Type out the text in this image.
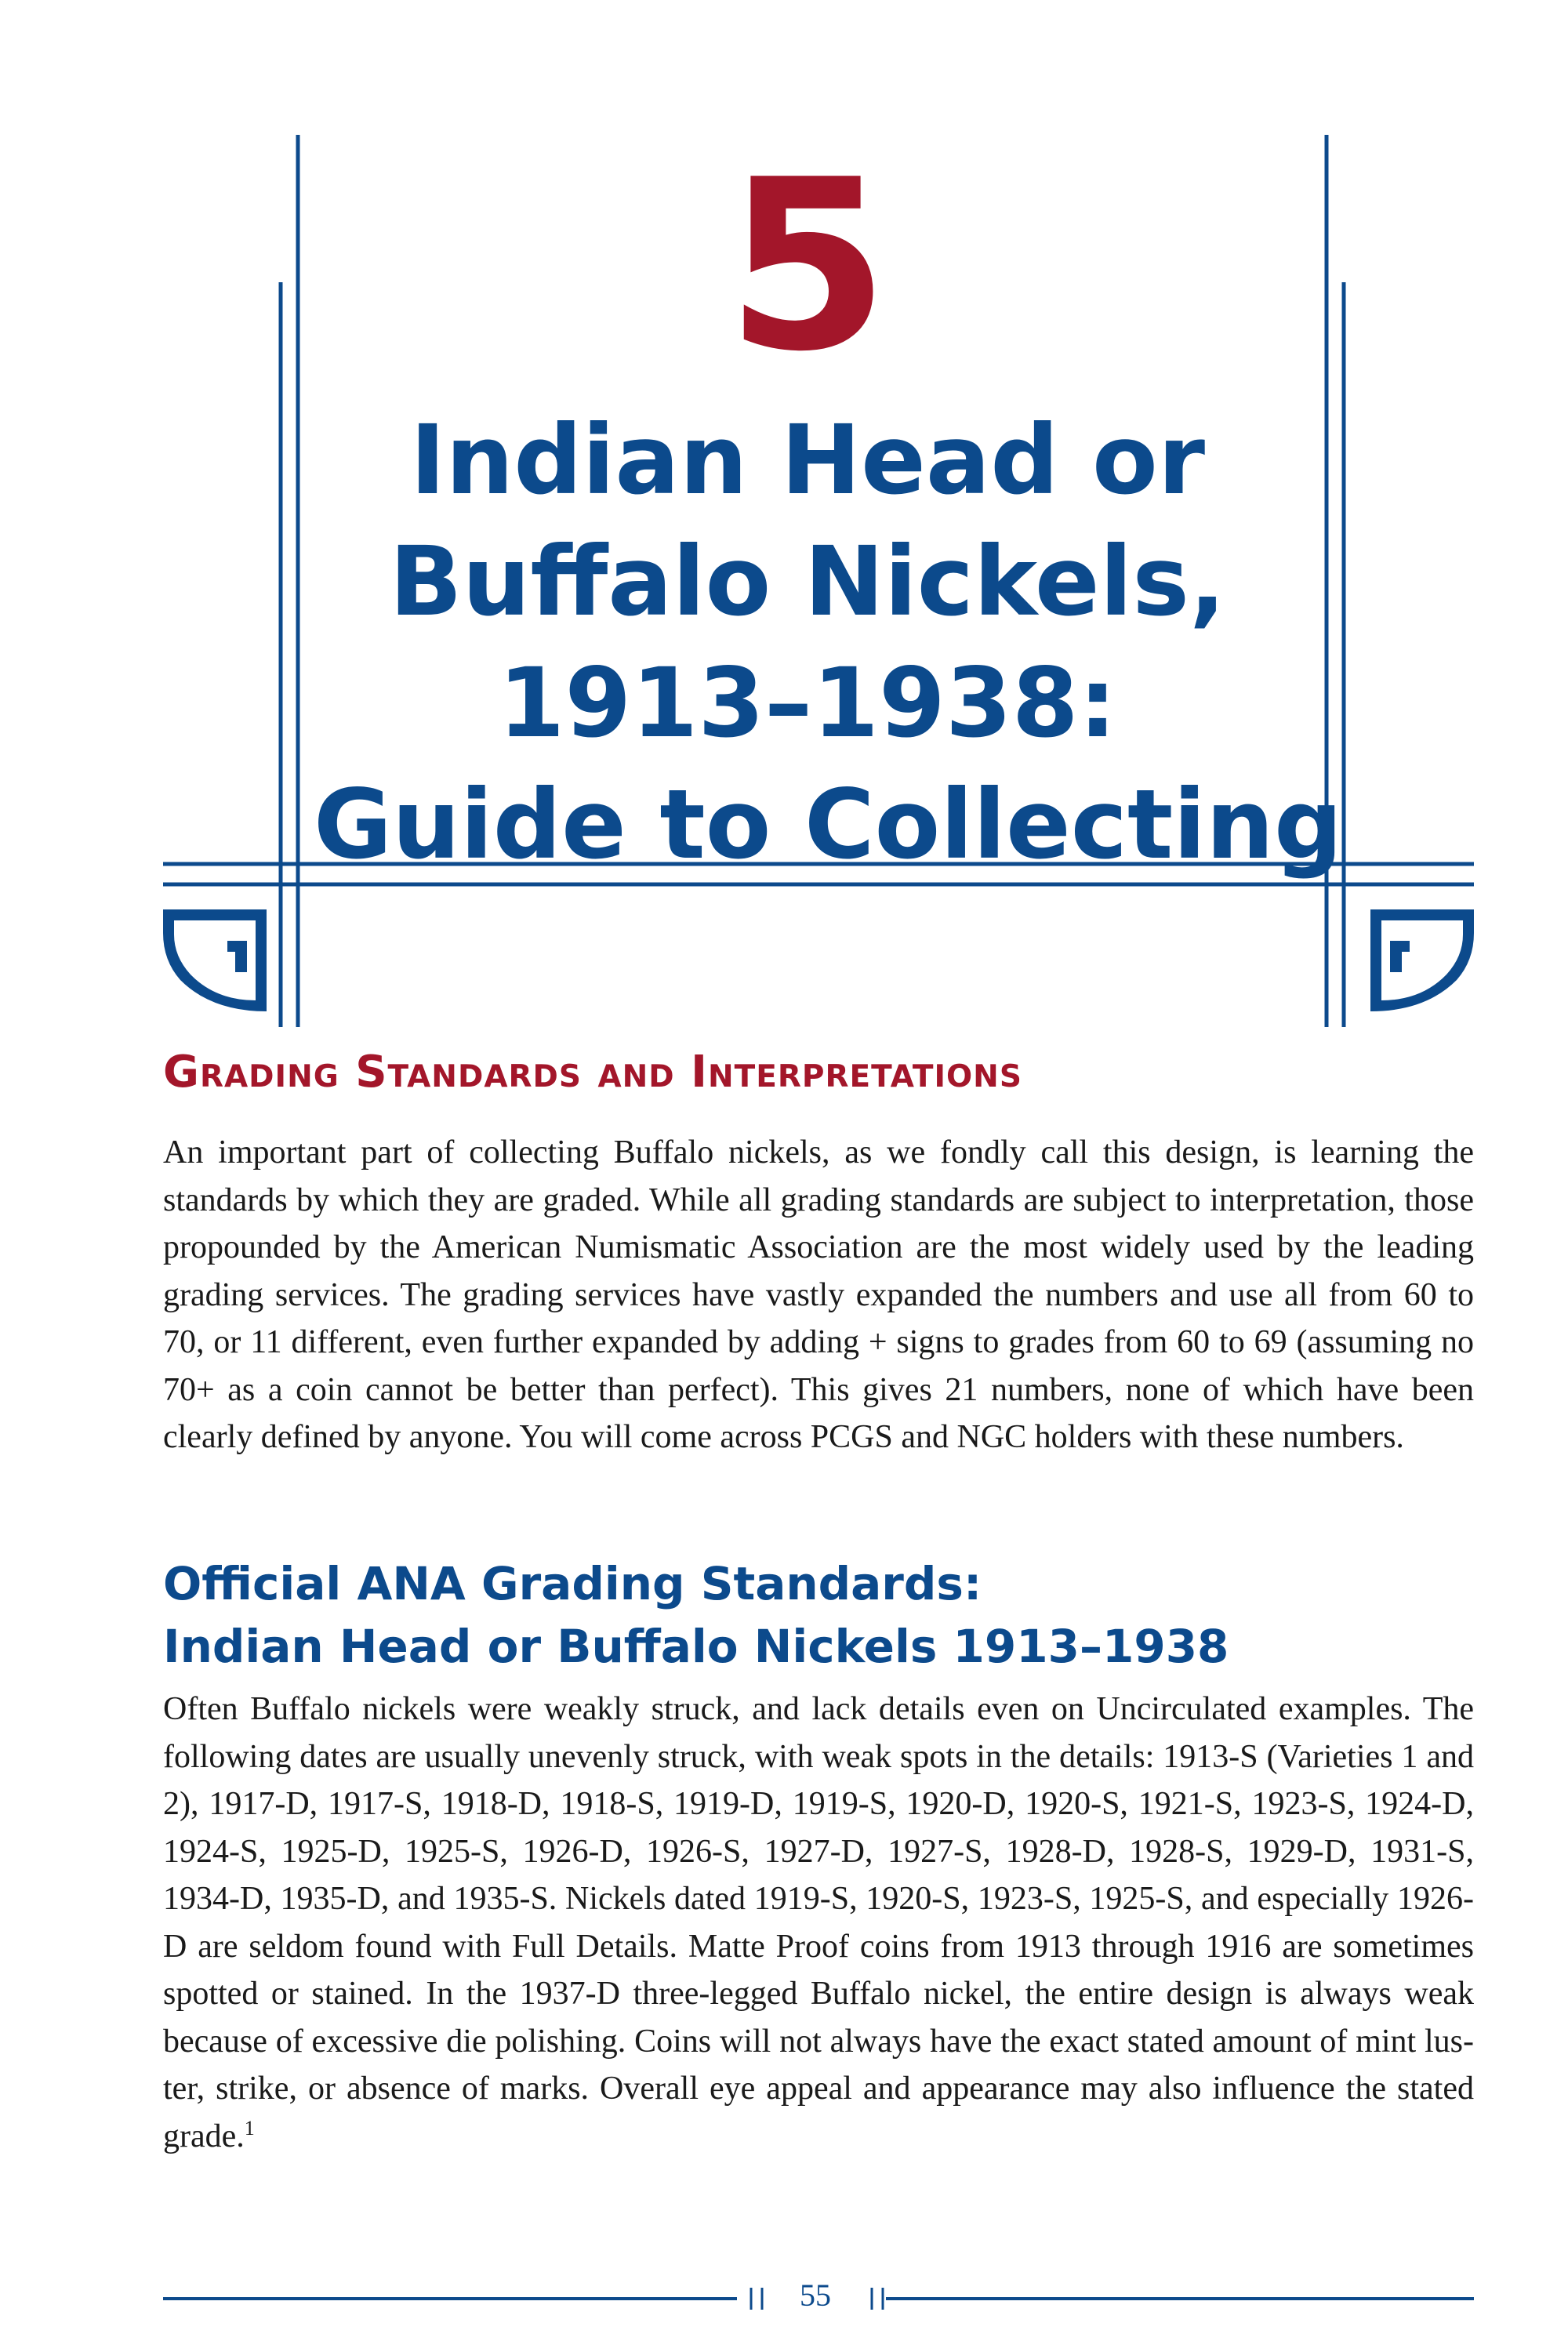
5
Indian Head or
Buffalo Nickels,
1913–1938:
Guide to Collecting
Grading Standards and Interpretations

An important part of collecting Buffalo nickels, as we fondly call this design, is learning the standards by which they are graded. While all grading standards are subject to interpretation, those propounded by the American Numismatic Association are the most widely used by the leading grading services. The grading services have vastly expanded the numbers and use all from 60 to 70, or 11 different, even further expanded by adding + signs to grades from 60 to 69 (assuming no 70+ as a coin cannot be better than perfect). This gives 21 numbers, none of which have been clearly defined by anyone. You will come across PCGS and NGC holders with these numbers.

Official ANA Grading Standards:
Indian Head or Buffalo Nickels 1913–1938

Often Buffalo nickels were weakly struck, and lack details even on Uncirculated examples. The following dates are usually unevenly struck, with weak spots in the details: 1913-S (Varieties 1 and 2), 1917-D, 1917-S, 1918-D, 1918-S, 1919-D, 1919-S, 1920-D, 1920-S, 1921-S, 1923-S, 1924-D, 1924-S, 1925-D, 1925-S, 1926-D, 1926-S, 1927-D, 1927-S, 1928-D, 1928-S, 1929-D, 1931-S, 1934-D, 1935-D, and 1935-S. Nickels dated 1919-S, 1920-S, 1923-S, 1925-S, and especially 1926-D are seldom found with Full Details. Matte Proof coins from 1913 through 1916 are sometimes spotted or stained. In the 1937-D three-legged Buffalo nickel, the entire design is always weak because of excessive die polishing. Coins will not always have the exact stated amount of mint luster, strike, or absence of marks. Overall eye appeal and appearance may also influence the stated grade.$^1$

55
